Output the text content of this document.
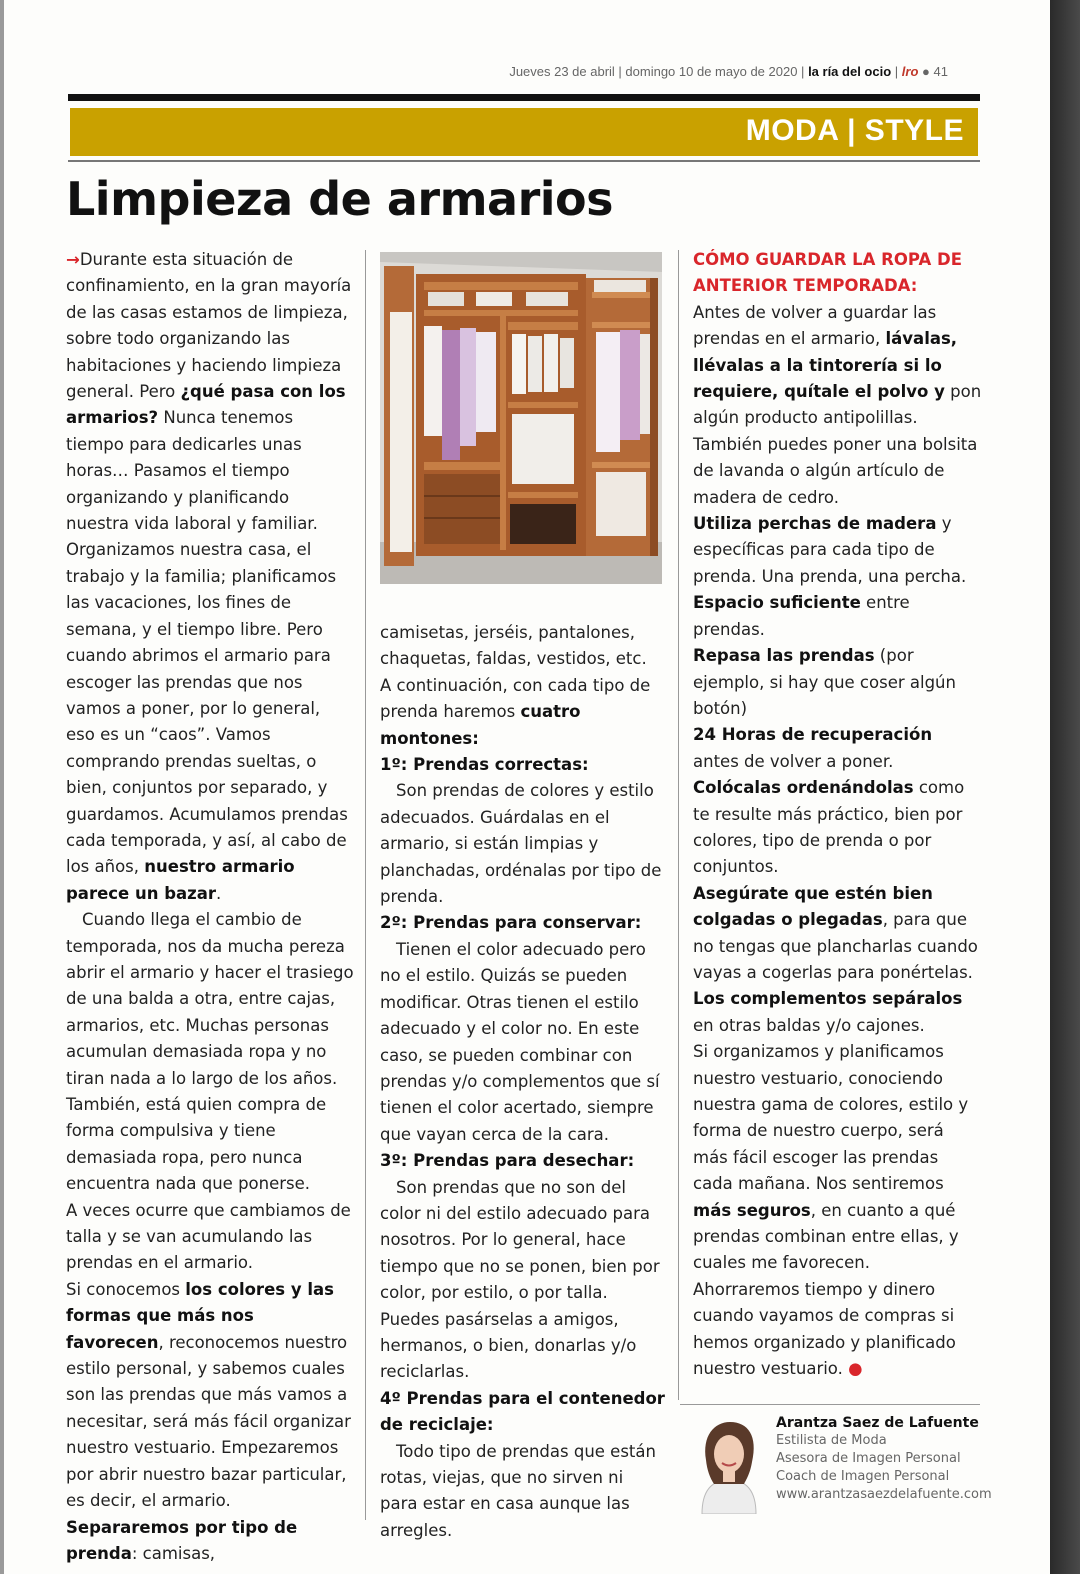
Jueves 23 de abril | domingo 10 de mayo de 2020 | la ría del ocio | lro ● 41
MODA | STYLE
Limpieza de armarios

→Durante esta situación de confinamiento, en la gran mayoría de las casas estamos de limpieza, sobre todo organizando las habitaciones y haciendo limpieza general. Pero ¿qué pasa con los armarios? Nunca tenemos tiempo para dedicarles unas horas… Pasamos el tiempo organizando y planificando nuestra vida laboral y familiar. Organizamos nuestra casa, el trabajo y la familia; planificamos las vacaciones, los fines de semana, y el tiempo libre. Pero cuando abrimos el armario para escoger las prendas que nos vamos a poner, por lo general, eso es un “caos”. Vamos comprando prendas sueltas, o bien, conjuntos por separado, y guardamos. Acumulamos prendas cada temporada, y así, al cabo de los años, nuestro armario parece un bazar.

Cuando llega el cambio de temporada, nos da mucha pereza abrir el armario y hacer el trasiego de una balda a otra, entre cajas, armarios, etc. Muchas personas acumulan demasiada ropa y no tiran nada a lo largo de los años. También, está quien compra de forma compulsiva y tiene demasiada ropa, pero nunca encuentra nada que ponerse.

A veces ocurre que cambiamos de talla y se van acumulando las prendas en el armario.

Si conocemos los colores y las formas que más nos favorecen, reconocemos nuestro estilo personal, y sabemos cuales son las prendas que más vamos a necesitar, será más fácil organizar nuestro vestuario. Empezaremos por abrir nuestro bazar particular, es decir, el armario. Separaremos por tipo de prenda: camisas,

camisetas, jerséis, pantalones, chaquetas, faldas, vestidos, etc.

A continuación, con cada tipo de prenda haremos cuatro montones:

1º: Prendas correctas:

Son prendas de colores y estilo adecuados. Guárdalas en el armario, si están limpias y planchadas, ordénalas por tipo de prenda.

2º: Prendas para conservar:

Tienen el color adecuado pero no el estilo. Quizás se pueden modificar. Otras tienen el estilo adecuado y el color no. En este caso, se pueden combinar con prendas y/o complementos que sí tienen el color acertado, siempre que vayan cerca de la cara.

3º: Prendas para desechar:

Son prendas que no son del color ni del estilo adecuado para nosotros. Por lo general, hace tiempo que no se ponen, bien por color, por estilo, o por talla. Puedes pasárselas a amigos, hermanos, o bien, donarlas y/o reciclarlas.

4º Prendas para el contenedor de reciclaje:

Todo tipo de prendas que están rotas, viejas, que no sirven ni para estar en casa aunque las arregles.

CÓMO GUARDAR LA ROPA DE ANTERIOR TEMPORADA:

Antes de volver a guardar las prendas en el armario, lávalas, llévalas a la tintorería si lo requiere, quítale el polvo y pon algún producto antipolillas. También puedes poner una bolsita de lavanda o algún artículo de madera de cedro.

Utiliza perchas de madera y específicas para cada tipo de prenda. Una prenda, una percha.

Espacio suficiente entre prendas.

Repasa las prendas (por ejemplo, si hay que coser algún botón)

24 Horas de recuperación antes de volver a poner.

Colócalas ordenándolas como te resulte más práctico, bien por colores, tipo de prenda o por conjuntos.

Asegúrate que estén bien colgadas o plegadas, para que no tengas que plancharlas cuando vayas a cogerlas para ponértelas.

Los complementos sepáralos en otras baldas y/o cajones.

Si organizamos y planificamos nuestro vestuario, conociendo nuestra gama de colores, estilo y forma de nuestro cuerpo, será más fácil escoger las prendas cada mañana. Nos sentiremos más seguros, en cuanto a qué prendas combinan entre ellas, y cuales me favorecen.

Ahorraremos tiempo y dinero cuando vayamos de compras si hemos organizado y planificado nuestro vestuario. ●

Arantza Saez de Lafuente
Estilista de Moda
Asesora de Imagen Personal
Coach de Imagen Personal
www.arantzasaezdelafuente.com
